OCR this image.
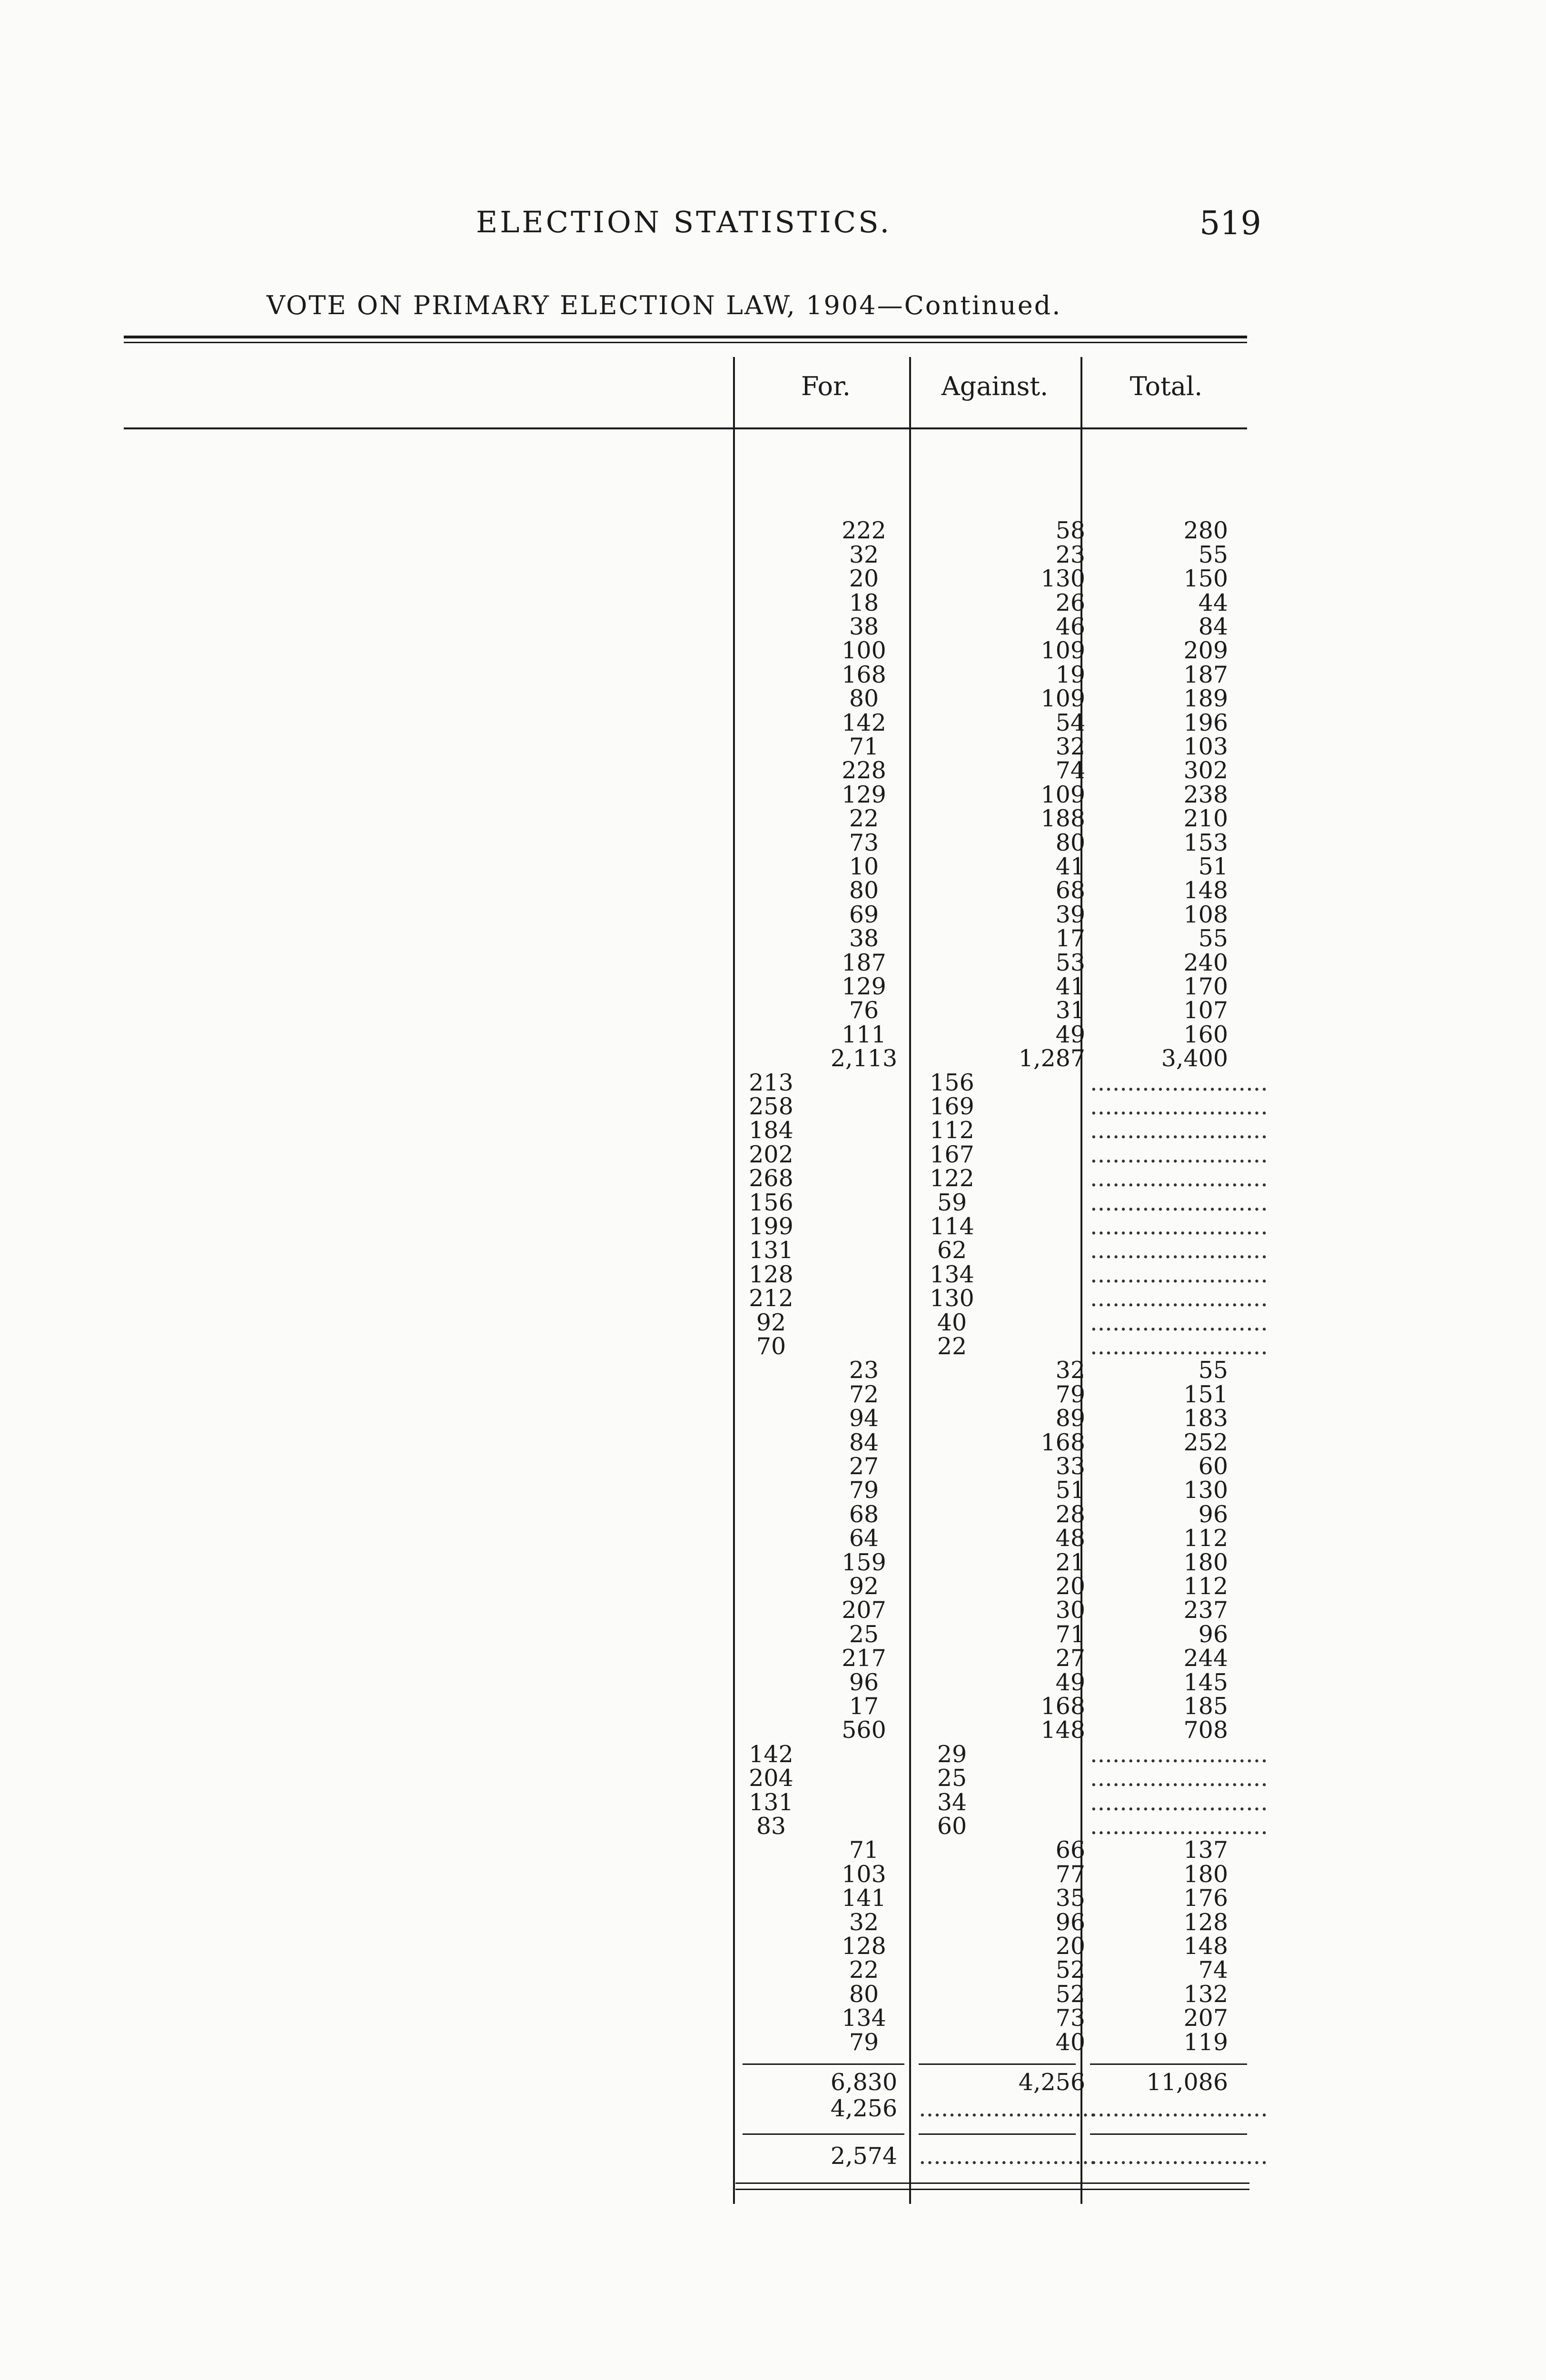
ELECTION STATISTICS.	519
VOTE ON PRIMARY ELECTION LAW, 1904—Continued.
For.	Against.	Total.
222	58	280
32	23	55
20	130	150
18	26	44
38	46	84
100	109	209
168	19	187
80	109	189
142	54	196
71	32	103
228	74	302
129	109	238
22	188	210
73	80	153
10	41	51
80	68	148
69	39	108
38	17	55
187	53	240
129	41	170
76	31	107
111	49	160
2,113	1,287	3,400
213	156	........................
258	169	........................
184	112	........................
202	167	........................
268	122	........................
156	59	........................
199	114	........................
131	62	........................
128	134	........................
212	130	........................
92	40	........................
70	22	........................
23	32	55
72	79	151
94	89	183
84	168	252
27	33	60
79	51	130
68	28	96
64	48	112
159	21	180
92	20	112
207	30	237
25	71	96
217	27	244
96	49	145
17	168	185
560	148	708
142	29	........................
204	25	........................
131	34	........................
83	60	........................
71	66	137
103	77	180
141	35	176
32	96	128
128	20	148
22	52	74
80	52	132
134	73	207
79	40	119
6,830	4,256	11,086
4,256 ........................
........................
2,574 ........................
........................
